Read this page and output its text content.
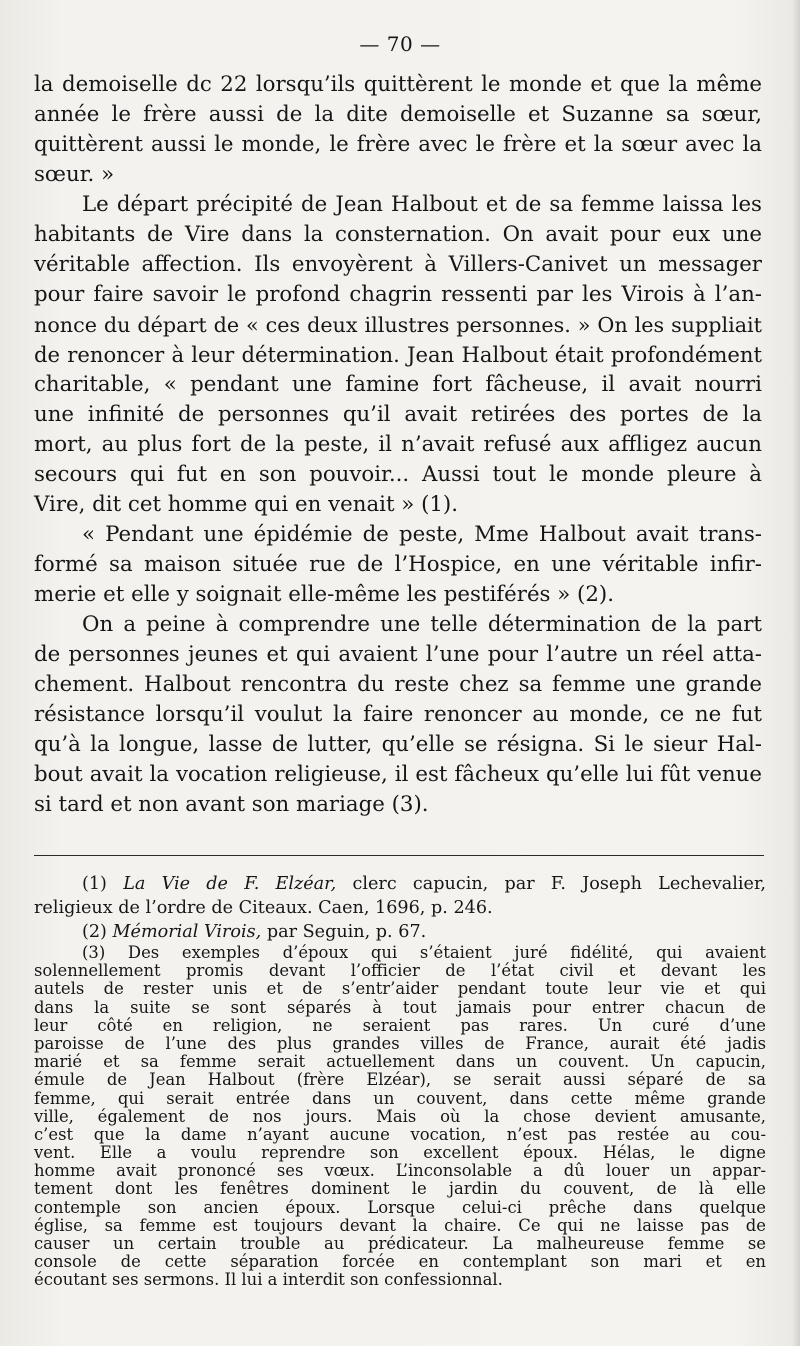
— 70 —
la demoiselle dc 22 lorsqu’ils quittèrent le monde et que la même
année le frère aussi de la dite demoiselle et Suzanne sa sœur,
quittèrent aussi le monde, le frère avec le frère et la sœur avec la
sœur. »
Le départ précipité de Jean Halbout et de sa femme laissa les
habitants de Vire dans la consternation. On avait pour eux une
véritable affection. Ils envoyèrent à Villers-Canivet un messager
pour faire savoir le profond chagrin ressenti par les Virois à l’an-
nonce du départ de « ces deux illustres personnes. » On les suppliait
de renoncer à leur détermination. Jean Halbout était profondément
charitable, « pendant une famine fort fâcheuse, il avait nourri
une infinité de personnes qu’il avait retirées des portes de la
mort, au plus fort de la peste, il n’avait refusé aux affligez aucun
secours qui fut en son pouvoir... Aussi tout le monde pleure à
Vire, dit cet homme qui en venait » (1).
« Pendant une épidémie de peste, Mme Halbout avait trans-
formé sa maison située rue de l’Hospice, en une véritable infir-
merie et elle y soignait elle-même les pestiférés » (2).
On a peine à comprendre une telle détermination de la part
de personnes jeunes et qui avaient l’une pour l’autre un réel atta-
chement. Halbout rencontra du reste chez sa femme une grande
résistance lorsqu’il voulut la faire renoncer au monde, ce ne fut
qu’à la longue, lasse de lutter, qu’elle se résigna. Si le sieur Hal-
bout avait la vocation religieuse, il est fâcheux qu’elle lui fût venue
si tard et non avant son mariage (3).
(1) La Vie de F. Elzéar, clerc capucin, par F. Joseph Lechevalier,
religieux de l’ordre de Citeaux. Caen, 1696, p. 246.
(2) Mémorial Virois, par Seguin, p. 67.
(3) Des exemples d’époux qui s’étaient juré fidélité, qui avaient
solennellement promis devant l’officier de l’état civil et devant les
autels de rester unis et de s’entr’aider pendant toute leur vie et qui
dans la suite se sont séparés à tout jamais pour entrer chacun de
leur côté en religion, ne seraient pas rares. Un curé d’une
paroisse de l’une des plus grandes villes de France, aurait été jadis
marié et sa femme serait actuellement dans un couvent. Un capucin,
émule de Jean Halbout (frère Elzéar), se serait aussi séparé de sa
femme, qui serait entrée dans un couvent, dans cette même grande
ville, également de nos jours. Mais où la chose devient amusante,
c’est que la dame n’ayant aucune vocation, n’est pas restée au cou-
vent. Elle a voulu reprendre son excellent époux. Hélas, le digne
homme avait prononcé ses vœux. L’inconsolable a dû louer un appar-
tement dont les fenêtres dominent le jardin du couvent, de là elle
contemple son ancien époux. Lorsque celui-ci prêche dans quelque
église, sa femme est toujours devant la chaire. Ce qui ne laisse pas de
causer un certain trouble au prédicateur. La malheureuse femme se
console de cette séparation forcée en contemplant son mari et en
écoutant ses sermons. Il lui a interdit son confessionnal.
